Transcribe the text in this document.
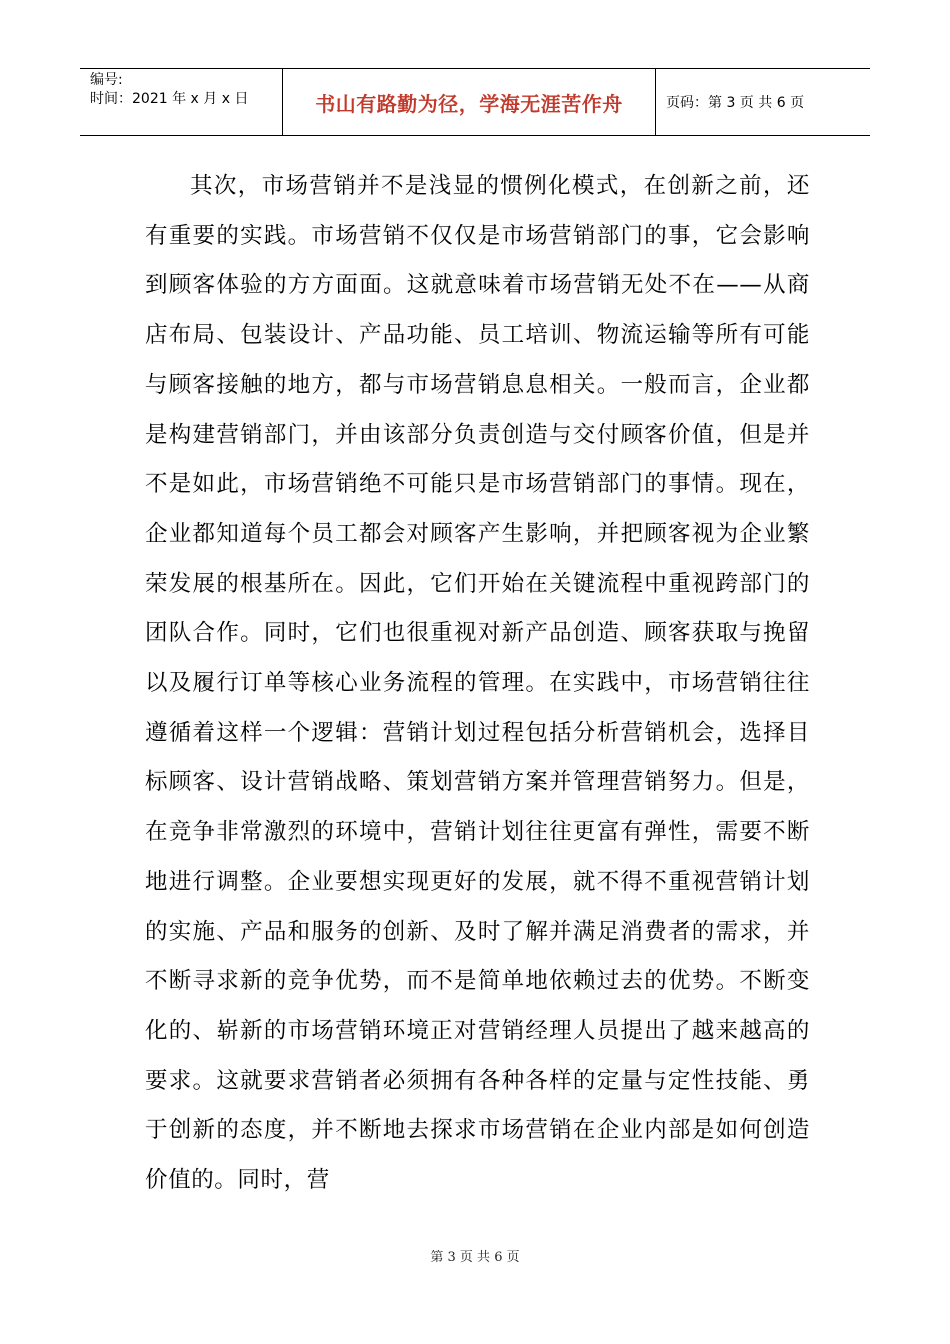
编号:
时间：2021 年 x 月 x 日	书山有路勤为径，学海无涯苦作舟	页码：第 3 页 共 6 页

其次，市场营销并不是浅显的惯例化模式，在创新之前，还有重要的实践。市场营销不仅仅是市场营销部门的事，它会影响到顾客体验的方方面面。这就意味着市场营销无处不在——从商店布局、包装设计、产品功能、员工培训、物流运输等所有可能与顾客接触的地方，都与市场营销息息相关。一般而言，企业都是构建营销部门，并由该部分负责创造与交付顾客价值，但是并不是如此，市场营销绝不可能只是市场营销部门的事情。现在，企业都知道每个员工都会对顾客产生影响，并把顾客视为企业繁荣发展的根基所在。因此，它们开始在关键流程中重视跨部门的团队合作。同时，它们也很重视对新产品创造、顾客获取与挽留以及履行订单等核心业务流程的管理。在实践中，市场营销往往遵循着这样一个逻辑：营销计划过程包括分析营销机会，选择目标顾客、设计营销战略、策划营销方案并管理营销努力。但是，在竞争非常激烈的环境中，营销计划往往更富有弹性，需要不断地进行调整。企业要想实现更好的发展，就不得不重视营销计划的实施、产品和服务的创新、及时了解并满足消费者的需求，并不断寻求新的竞争优势，而不是简单地依赖过去的优势。不断变化的、崭新的市场营销环境正对营销经理人员提出了越来越高的要求。这就要求营销者必须拥有各种各样的定量与定性技能、勇于创新的态度，并不断地去探求市场营销在企业内部是如何创造价值的。同时，营

第 3 页 共 6 页
